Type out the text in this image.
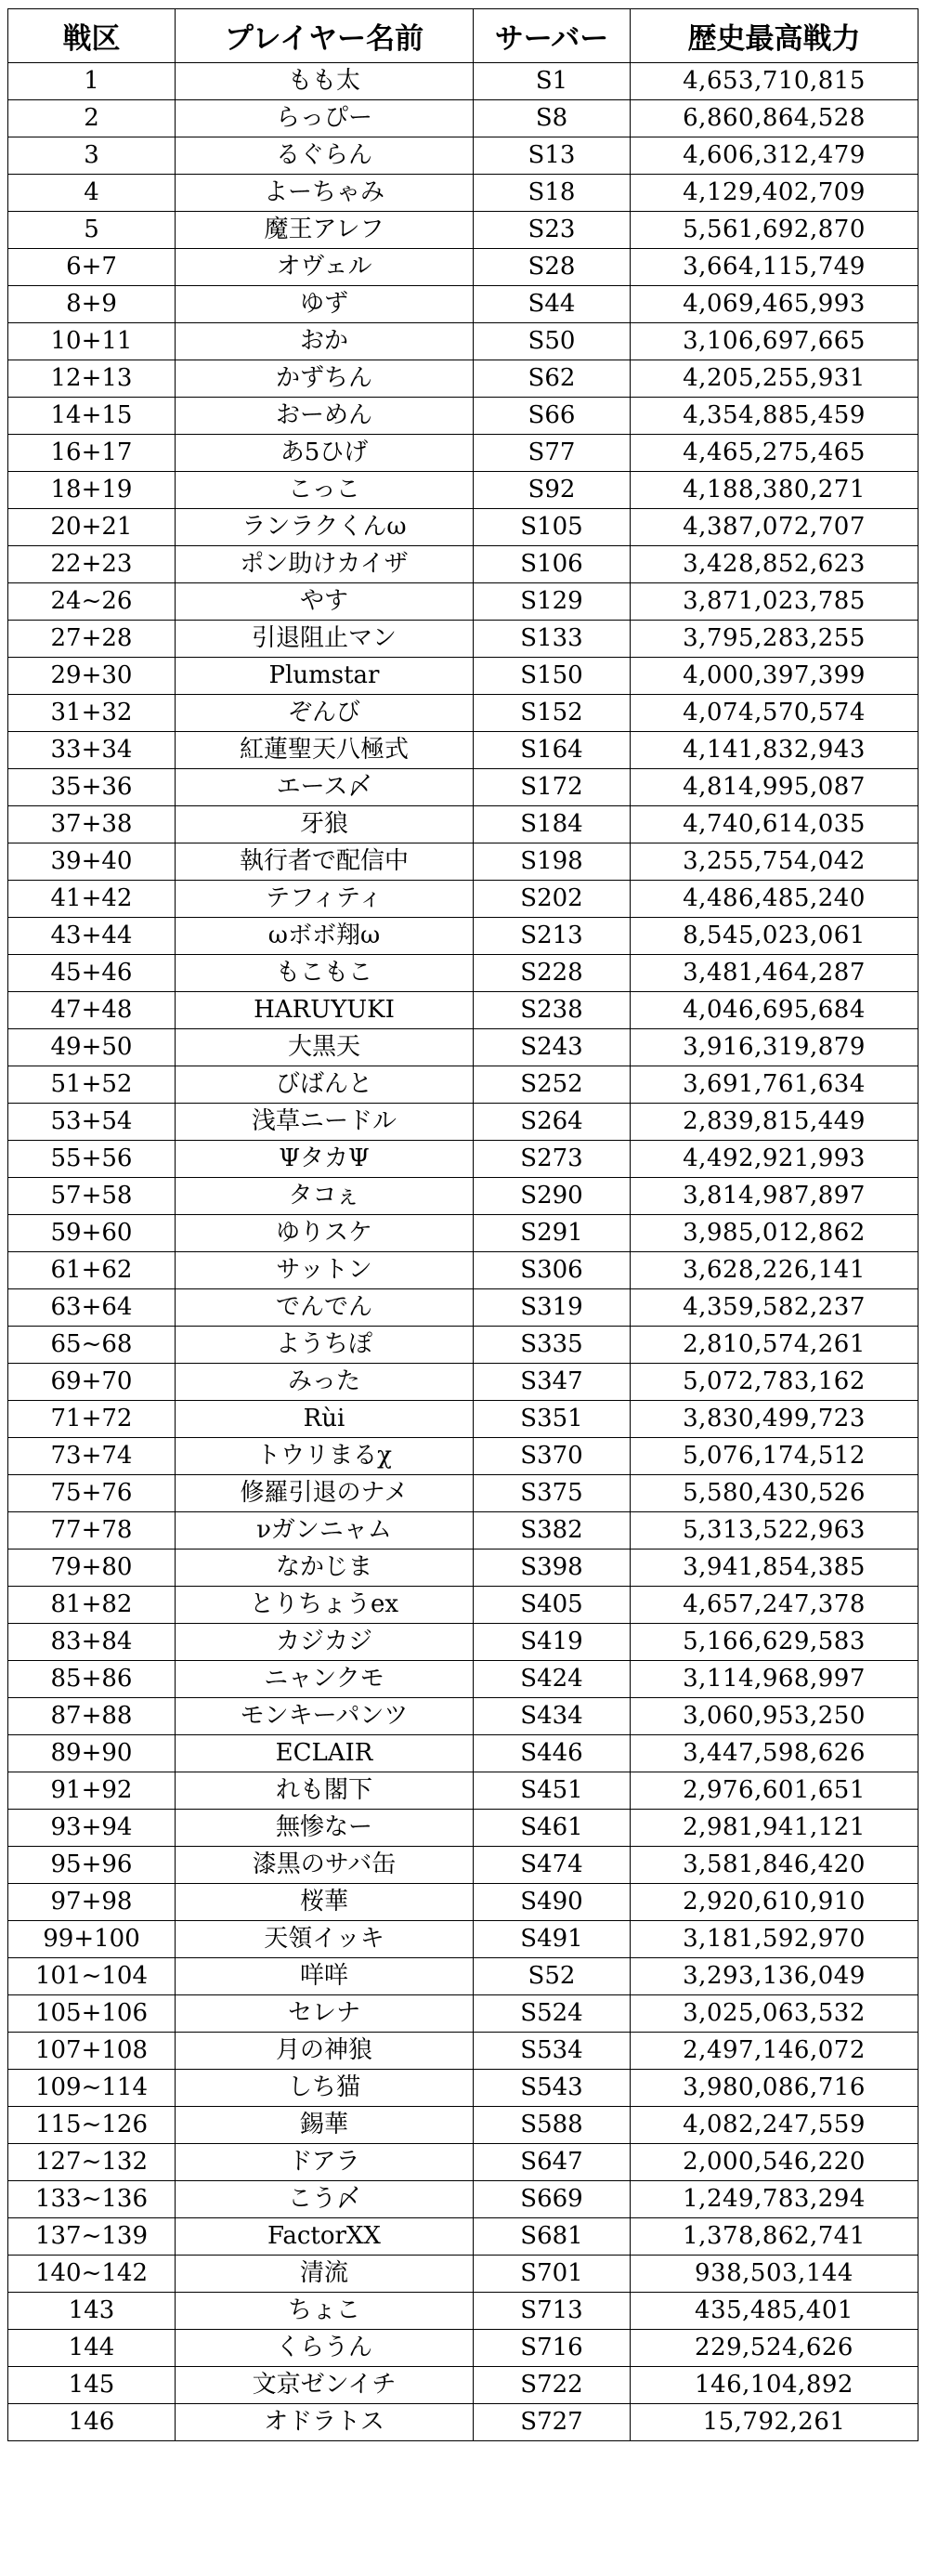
戦区	プレイヤー名前	サーバー	歴史最高戦力
1	もも太	S1	4,653,710,815
2	らっぴー	S8	6,860,864,528
3	るぐらん	S13	4,606,312,479
4	よーちゃみ	S18	4,129,402,709
5	魔王アレフ	S23	5,561,692,870
6+7	オヴェル	S28	3,664,115,749
8+9	ゆず	S44	4,069,465,993
10+11	おか	S50	3,106,697,665
12+13	かずちん	S62	4,205,255,931
14+15	おーめん	S66	4,354,885,459
16+17	あ5ひげ	S77	4,465,275,465
18+19	こっこ	S92	4,188,380,271
20+21	ランラクくんω	S105	4,387,072,707
22+23	ポン助けカイザ	S106	3,428,852,623
24~26	やす	S129	3,871,023,785
27+28	引退阻止マン	S133	3,795,283,255
29+30	Plumstar	S150	4,000,397,399
31+32	ぞんび	S152	4,074,570,574
33+34	紅蓮聖天八極式	S164	4,141,832,943
35+36	エース〆	S172	4,814,995,087
37+38	牙狼	S184	4,740,614,035
39+40	執行者で配信中	S198	3,255,754,042
41+42	テフィティ	S202	4,486,485,240
43+44	ωボボ翔ω	S213	8,545,023,061
45+46	もこもこ	S228	3,481,464,287
47+48	HARUYUKI	S238	4,046,695,684
49+50	大黒天	S243	3,916,319,879
51+52	びばんと	S252	3,691,761,634
53+54	浅草ニードル	S264	2,839,815,449
55+56	ΨタカΨ	S273	4,492,921,993
57+58	タコぇ	S290	3,814,987,897
59+60	ゆりスケ	S291	3,985,012,862
61+62	サットン	S306	3,628,226,141
63+64	でんでん	S319	4,359,582,237
65~68	ようちぽ	S335	2,810,574,261
69+70	みった	S347	5,072,783,162
71+72	Rùi	S351	3,830,499,723
73+74	トウリまるχ	S370	5,076,174,512
75+76	修羅引退のナメ	S375	5,580,430,526
77+78	νガンニャム	S382	5,313,522,963
79+80	なかじま	S398	3,941,854,385
81+82	とりちょうex	S405	4,657,247,378
83+84	カジカジ	S419	5,166,629,583
85+86	ニャンクモ	S424	3,114,968,997
87+88	モンキーパンツ	S434	3,060,953,250
89+90	ECLAIR	S446	3,447,598,626
91+92	れも閣下	S451	2,976,601,651
93+94	無惨なー	S461	2,981,941,121
95+96	漆黒のサバ缶	S474	3,581,846,420
97+98	桜華	S490	2,920,610,910
99+100	天領イッキ	S491	3,181,592,970
101~104	咩咩	S52	3,293,136,049
105+106	セレナ	S524	3,025,063,532
107+108	月の神狼	S534	2,497,146,072
109~114	しち猫	S543	3,980,086,716
115~126	錫華	S588	4,082,247,559
127~132	ドアラ	S647	2,000,546,220
133~136	こう〆	S669	1,249,783,294
137~139	FactorXX	S681	1,378,862,741
140~142	清流	S701	938,503,144
143	ちょこ	S713	435,485,401
144	くらうん	S716	229,524,626
145	文京ゼンイチ	S722	146,104,892
146	オドラトス	S727	15,792,261
